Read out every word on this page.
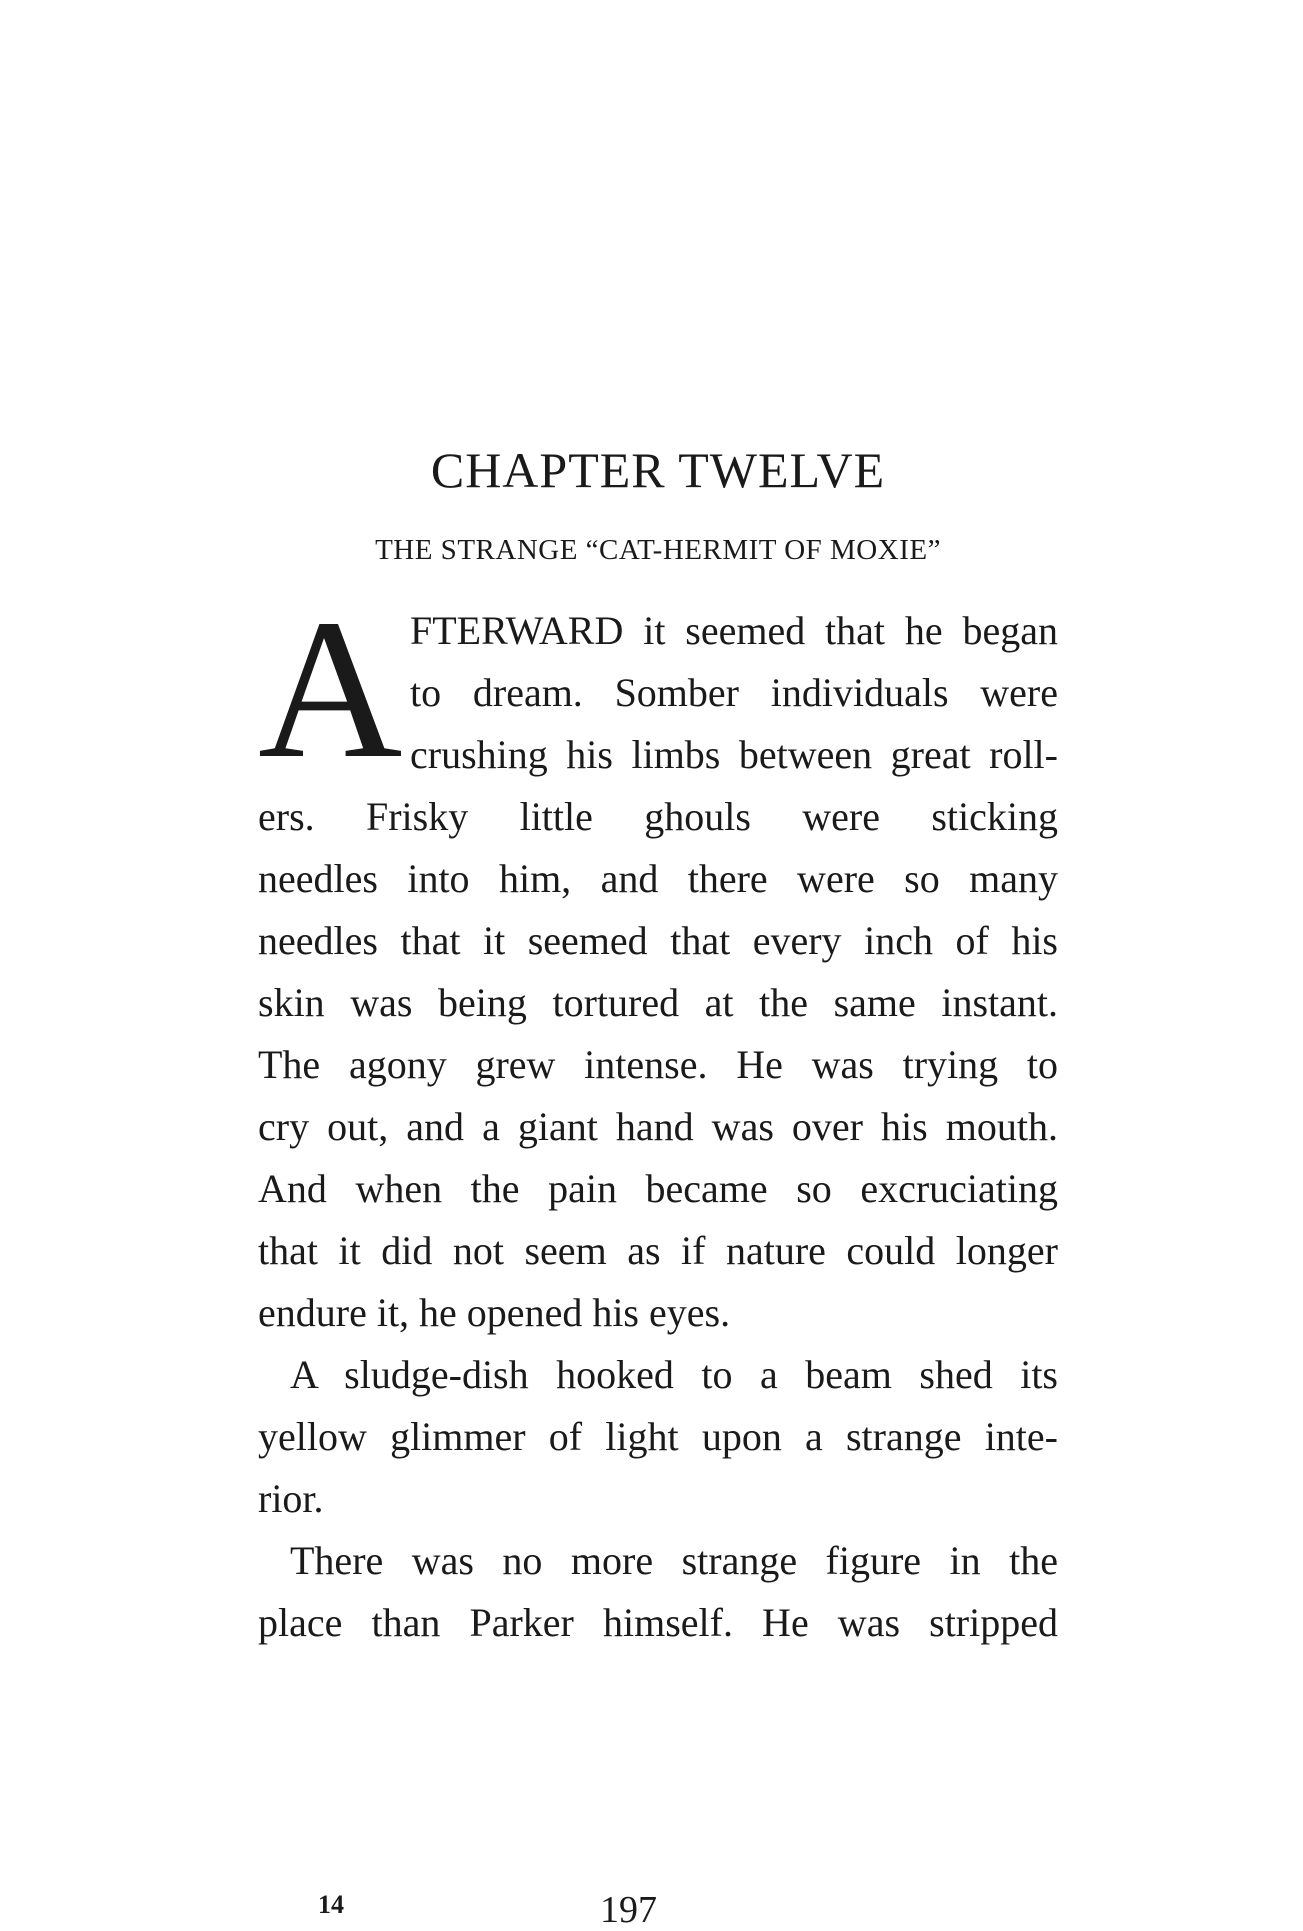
CHAPTER TWELVE
THE STRANGE “CAT-HERMIT OF MOXIE”
A FTERWARD it seemed that he began
to dream. Somber individuals were
crushing his limbs between great roll-
ers. Frisky little ghouls were sticking
needles into him, and there were so many
needles that it seemed that every inch of his
skin was being tortured at the same instant.
The agony grew intense. He was trying to
cry out, and a giant hand was over his mouth.
And when the pain became so excruciating
that it did not seem as if nature could longer
endure it, he opened his eyes.
A sludge-dish hooked to a beam shed its
yellow glimmer of light upon a strange inte-
rior.
There was no more strange figure in the
place than Parker himself. He was stripped
14	197
